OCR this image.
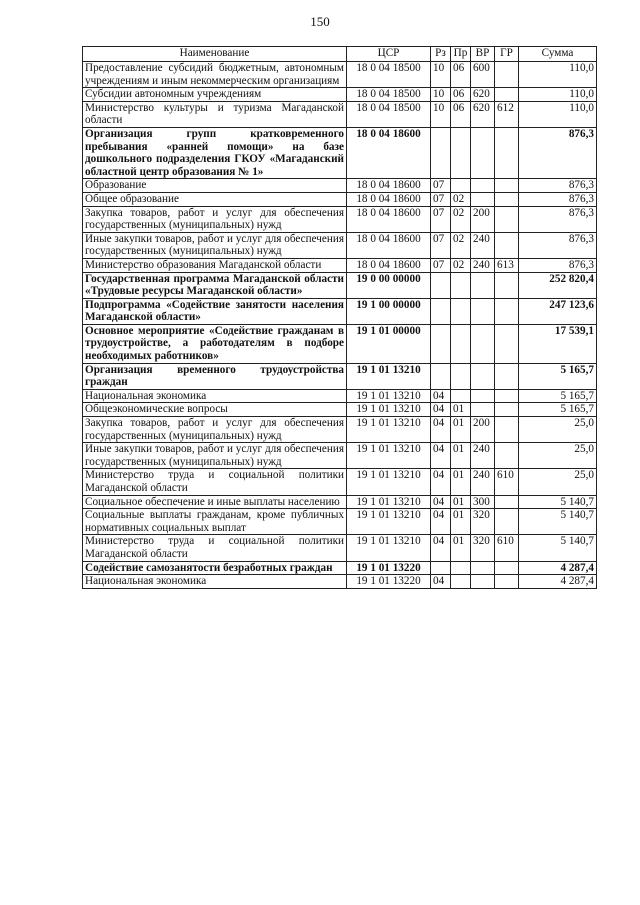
150
Наименование	ЦСР	Рз	Пр	ВР	ГР	Сумма
Предоставление субсидий бюджетным, автономным учреждениям и иным некоммерческим организациям	18 0 04 18500	10	06	600		110,0
Субсидии автономным учреждениям	18 0 04 18500	10	06	620		110,0
Министерство культуры и туризма Магаданской области	18 0 04 18500	10	06	620	612	110,0
Организация групп кратковременного пребывания «ранней помощи» на базе дошкольного подразделения ГКОУ «Магаданский областной центр образования № 1»	18 0 04 18600					876,3
Образование	18 0 04 18600	07				876,3
Общее образование	18 0 04 18600	07	02			876,3
Закупка товаров, работ и услуг для обеспечения государственных (муниципальных) нужд	18 0 04 18600	07	02	200		876,3
Иные закупки товаров, работ и услуг для обеспечения государственных (муниципальных) нужд	18 0 04 18600	07	02	240		876,3
Министерство образования Магаданской области	18 0 04 18600	07	02	240	613	876,3
Государственная программа Магаданской области «Трудовые ресурсы Магаданской области»	19 0 00 00000					252 820,4
Подпрограмма «Содействие занятости населения Магаданской области»	19 1 00 00000					247 123,6
Основное мероприятие «Содействие гражданам в трудоустройстве, а работодателям в подборе необходимых работников»	19 1 01 00000					17 539,1
Организация временного трудоустройства граждан	19 1 01 13210					5 165,7
Национальная экономика	19 1 01 13210	04				5 165,7
Общеэкономические вопросы	19 1 01 13210	04	01			5 165,7
Закупка товаров, работ и услуг для обеспечения государственных (муниципальных) нужд	19 1 01 13210	04	01	200		25,0
Иные закупки товаров, работ и услуг для обеспечения государственных (муниципальных) нужд	19 1 01 13210	04	01	240		25,0
Министерство труда и социальной политики Магаданской области	19 1 01 13210	04	01	240	610	25,0
Социальное обеспечение и иные выплаты населению	19 1 01 13210	04	01	300		5 140,7
Социальные выплаты гражданам, кроме публичных нормативных социальных выплат	19 1 01 13210	04	01	320		5 140,7
Министерство труда и социальной политики Магаданской области	19 1 01 13210	04	01	320	610	5 140,7
Содействие самозанятости безработных граждан	19 1 01 13220					4 287,4
Национальная экономика	19 1 01 13220	04				4 287,4
